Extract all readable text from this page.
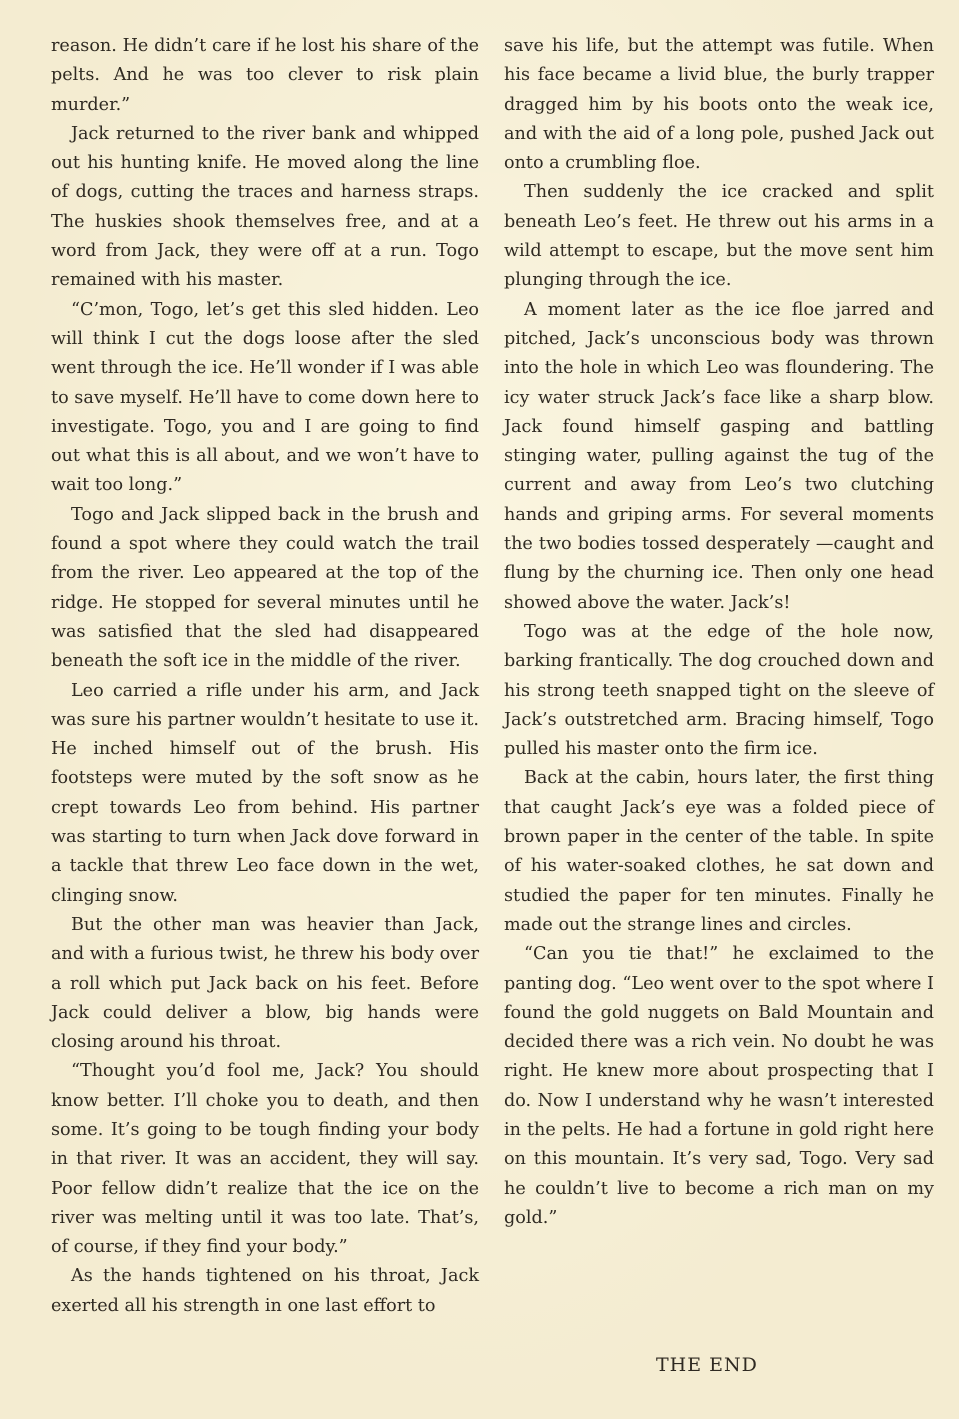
reason. He didn’t care if he lost his share of the pelts. And he was too clever to risk plain murder.”

Jack returned to the river bank and whipped out his hunting knife. He moved along the line of dogs, cutting the traces and harness straps. The huskies shook themselves free, and at a word from Jack, they were off at a run. Togo remained with his master.

“C’mon, Togo, let’s get this sled hidden. Leo will think I cut the dogs loose after the sled went through the ice. He’ll wonder if I was able to save myself. He’ll have to come down here to investigate. Togo, you and I are going to find out what this is all about, and we won’t have to wait too long.”

Togo and Jack slipped back in the brush and found a spot where they could watch the trail from the river. Leo appeared at the top of the ridge. He stopped for several minutes until he was satisfied that the sled had disappeared beneath the soft ice in the middle of the river.

Leo carried a rifle under his arm, and Jack was sure his partner wouldn’t hesitate to use it. He inched himself out of the brush. His footsteps were muted by the soft snow as he crept towards Leo from behind. His partner was starting to turn when Jack dove forward in a tackle that threw Leo face down in the wet, clinging snow.

But the other man was heavier than Jack, and with a furious twist, he threw his body over a roll which put Jack back on his feet. Before Jack could deliver a blow, big hands were closing around his throat.

“Thought you’d fool me, Jack? You should know better. I’ll choke you to death, and then some. It’s going to be tough finding your body in that river. It was an accident, they will say. Poor fellow didn’t realize that the ice on the river was melting until it was too late. That’s, of course, if they find your body.”

As the hands tightened on his throat, Jack exerted all his strength in one last effort to

save his life, but the attempt was futile. When his face became a livid blue, the burly trapper dragged him by his boots onto the weak ice, and with the aid of a long pole, pushed Jack out onto a crumbling floe.

Then suddenly the ice cracked and split beneath Leo’s feet. He threw out his arms in a wild attempt to escape, but the move sent him plunging through the ice.

A moment later as the ice floe jarred and pitched, Jack’s unconscious body was thrown into the hole in which Leo was floundering. The icy water struck Jack’s face like a sharp blow. Jack found himself gasping and battling stinging water, pulling against the tug of the current and away from Leo’s two clutching hands and griping arms. For several moments the two bodies tossed desperately —caught and flung by the churning ice. Then only one head showed above the water. Jack’s!

Togo was at the edge of the hole now, barking frantically. The dog crouched down and his strong teeth snapped tight on the sleeve of Jack’s outstretched arm. Bracing himself, Togo pulled his master onto the firm ice.

Back at the cabin, hours later, the first thing that caught Jack’s eye was a folded piece of brown paper in the center of the table. In spite of his water-soaked clothes, he sat down and studied the paper for ten minutes. Finally he made out the strange lines and circles.

“Can you tie that!” he exclaimed to the panting dog. “Leo went over to the spot where I found the gold nuggets on Bald Mountain and decided there was a rich vein. No doubt he was right. He knew more about prospecting that I do. Now I understand why he wasn’t interested in the pelts. He had a fortune in gold right here on this mountain. It’s very sad, Togo. Very sad he couldn’t live to become a rich man on my gold.”

THE END
